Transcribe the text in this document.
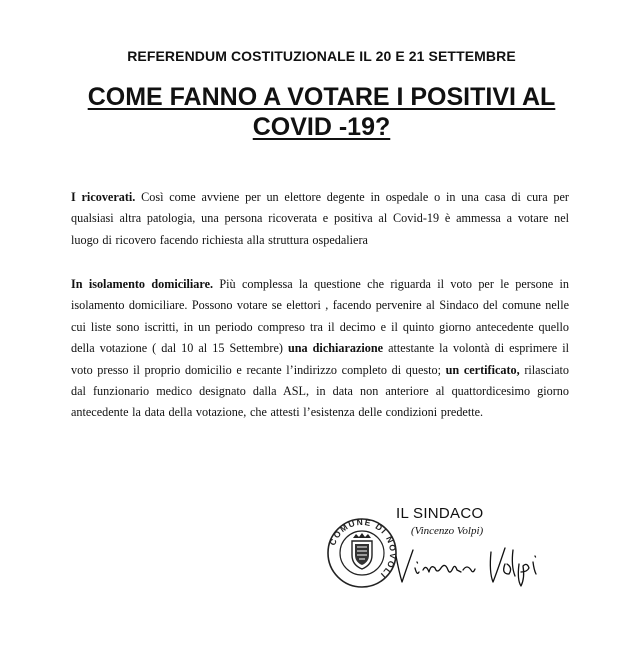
REFERENDUM COSTITUZIONALE IL 20 E 21 SETTEMBRE
COME FANNO A VOTARE I POSITIVI AL
COVID -19?
I ricoverati. Così come avviene per un elettore degente in ospedale o in una casa di cura per qualsiasi altra patologia, una persona ricoverata e positiva al Covid-19 è ammessa a votare nel luogo di ricovero facendo richiesta alla struttura ospedaliera
In isolamento domiciliare. Più complessa la questione che riguarda il voto per le persone in isolamento domiciliare. Possono votare se elettori , facendo pervenire al Sindaco del comune nelle cui liste sono iscritti, in un periodo compreso tra il decimo e il quinto giorno antecedente quello della votazione ( dal 10 al 15 Settembre) una dichiarazione attestante la volontà di esprimere il voto presso il proprio domicilio e recante l’indirizzo completo di questo; un certificato, rilasciato dal funzionario medico designato dalla ASL, in data non anteriore al quattordicesimo giorno antecedente la data della votazione, che attesti l’esistenza delle condizioni predette.
IL SINDACO
(Vincenzo Volpi)
COMUNE DI NOVOLI
